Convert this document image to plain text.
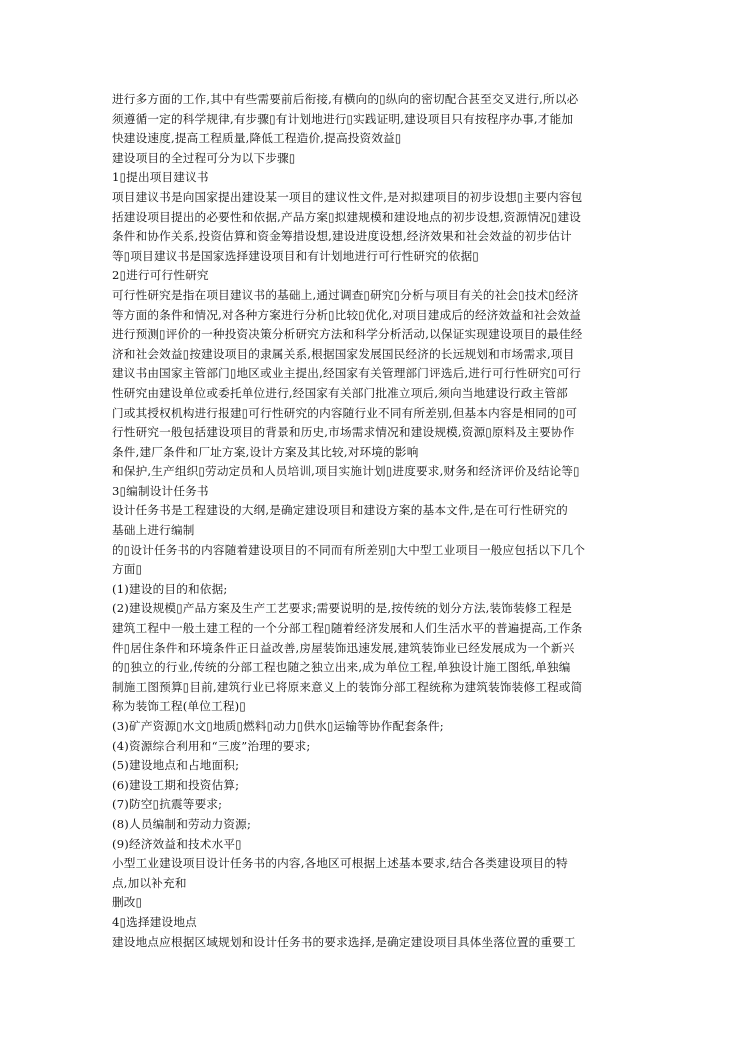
进行多方面的工作,其中有些需要前后衔接,有横向的▯纵向的密切配合甚至交叉进行,所以必
须遵循一定的科学规律,有步骤▯有计划地进行▯实践证明,建设项目只有按程序办事,才能加
快建设速度,提高工程质量,降低工程造价,提高投资效益▯
建设项目的全过程可分为以下步骤▯
1▯提出项目建议书
项目建议书是向国家提出建设某一项目的建议性文件,是对拟建项目的初步设想▯主要内容包
括建设项目提出的必要性和依据,产品方案▯拟建规模和建设地点的初步设想,资源情况▯建设
条件和协作关系,投资估算和资金筹措设想,建设进度设想,经济效果和社会效益的初步估计
等▯项目建议书是国家选择建设项目和有计划地进行可行性研究的依据▯
2▯进行可行性研究
可行性研究是指在项目建议书的基础上,通过调查▯研究▯分析与项目有关的社会▯技术▯经济
等方面的条件和情况,对各种方案进行分析▯比较▯优化,对项目建成后的经济效益和社会效益
进行预测▯评价的一种投资决策分析研究方法和科学分析活动,以保证实现建设项目的最佳经
济和社会效益▯按建设项目的隶属关系,根据国家发展国民经济的长远规划和市场需求,项目
建议书由国家主管部门▯地区或业主提出,经国家有关管理部门评选后,进行可行性研究▯可行
性研究由建设单位或委托单位进行,经国家有关部门批准立项后,须向当地建设行政主管部
门或其授权机构进行报建▯可行性研究的内容随行业不同有所差别,但基本内容是相同的▯可
行性研究一般包括建设项目的背景和历史,市场需求情况和建设规模,资源▯原料及主要协作
条件,建厂条件和厂址方案,设计方案及其比较,对环境的影响
和保护,生产组织▯劳动定员和人员培训,项目实施计划▯进度要求,财务和经济评价及结论等▯
3▯编制设计任务书
设计任务书是工程建设的大纲,是确定建设项目和建设方案的基本文件,是在可行性研究的
基础上进行编制
的▯设计任务书的内容随着建设项目的不同而有所差别▯大中型工业项目一般应包括以下几个
方面▯
(1)建设的目的和依据;
(2)建设规模▯产品方案及生产工艺要求;需要说明的是,按传统的划分方法,装饰装修工程是
建筑工程中一般土建工程的一个分部工程▯随着经济发展和人们生活水平的普遍提高,工作条
件▯居住条件和环境条件正日益改善,房屋装饰迅速发展,建筑装饰业已经发展成为一个新兴
的▯独立的行业,传统的分部工程也随之独立出来,成为单位工程,单独设计施工图纸,单独编
制施工图预算▯目前,建筑行业已将原来意义上的装饰分部工程统称为建筑装饰装修工程或简
称为装饰工程(单位工程)▯
(3)矿产资源▯水文▯地质▯燃料▯动力▯供水▯运输等协作配套条件;
(4)资源综合利用和“三废”治理的要求;
(5)建设地点和占地面积;
(6)建设工期和投资估算;
(7)防空▯抗震等要求;
(8)人员编制和劳动力资源;
(9)经济效益和技术水平▯
小型工业建设项目设计任务书的内容,各地区可根据上述基本要求,结合各类建设项目的特
点,加以补充和
删改▯
4▯选择建设地点
建设地点应根据区域规划和设计任务书的要求选择,是确定建设项目具体坐落位置的重要工
